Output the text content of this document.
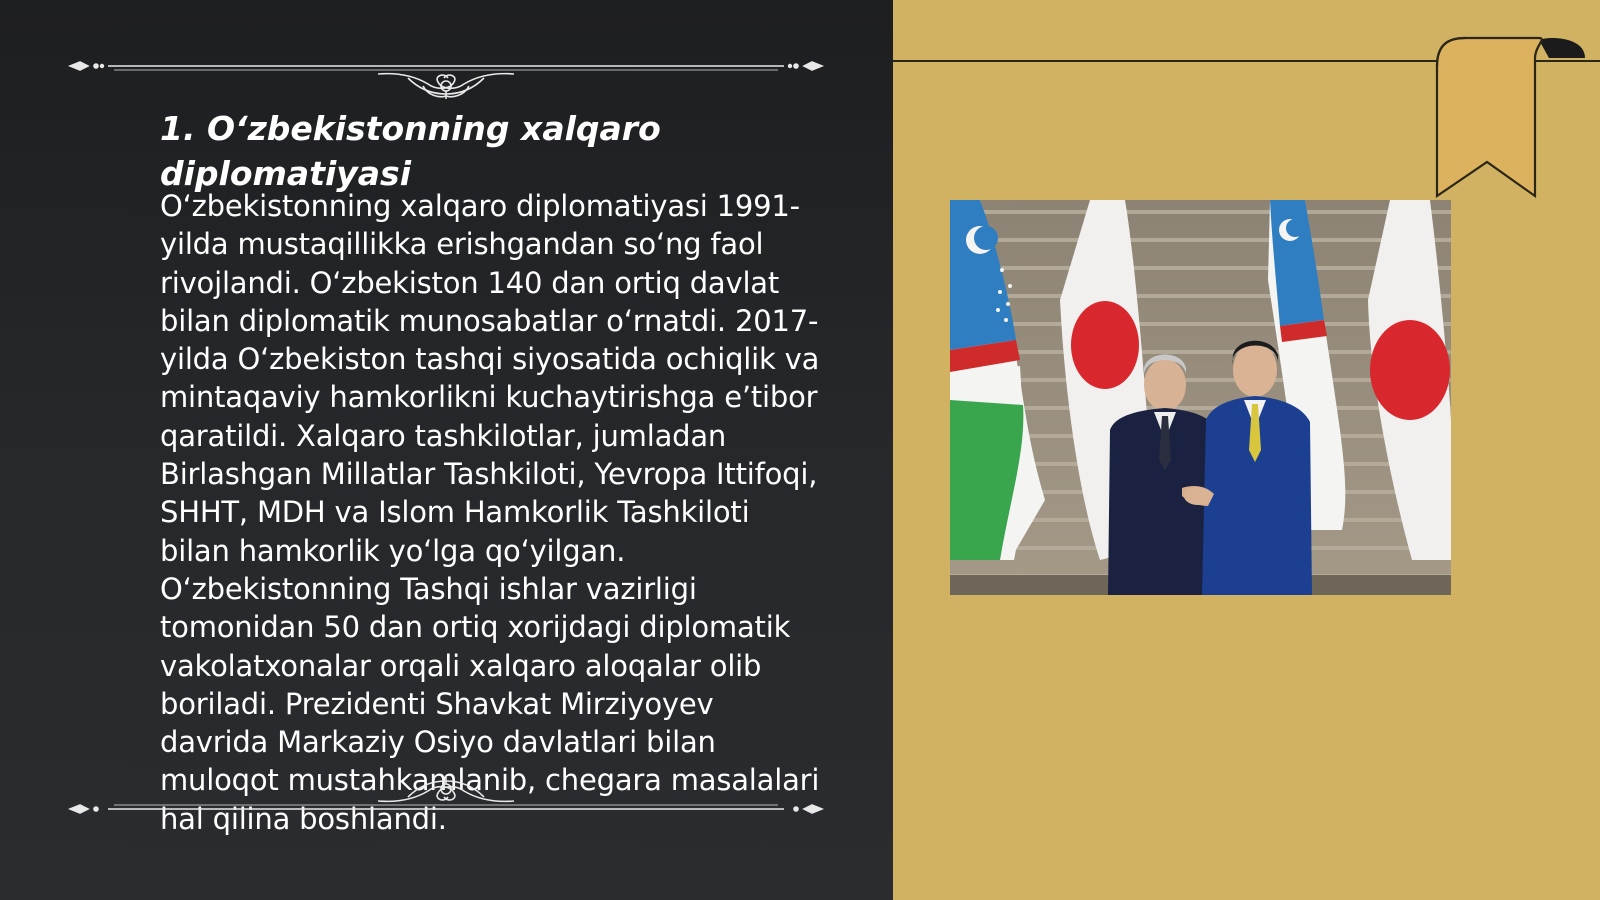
1. O‘zbekistonning xalqaro diplomatiyasi

O‘zbekistonning xalqaro diplomatiyasi 1991-yilda mustaqillikka erishgandan so‘ng faol rivojlandi. O‘zbekiston 140 dan ortiq davlat bilan diplomatik munosabatlar o‘rnatdi. 2017-yilda O‘zbekiston tashqi siyosatida ochiqlik va mintaqaviy hamkorlikni kuchaytirishga e’tibor qaratildi. Xalqaro tashkilotlar, jumladan Birlashgan Millatlar Tashkiloti, Yevropa Ittifoqi, SHHT, MDH va Islom Hamkorlik Tashkiloti bilan hamkorlik yo‘lga qo‘yilgan. O‘zbekistonning Tashqi ishlar vazirligi tomonidan 50 dan ortiq xorijdagi diplomatik vakolatxonalar orqali xalqaro aloqalar olib boriladi. Prezidenti Shavkat Mirziyoyev davrida Markaziy Osiyo davlatlari bilan muloqot mustahkamlanib, chegara masalalari hal qilina boshlandi.
